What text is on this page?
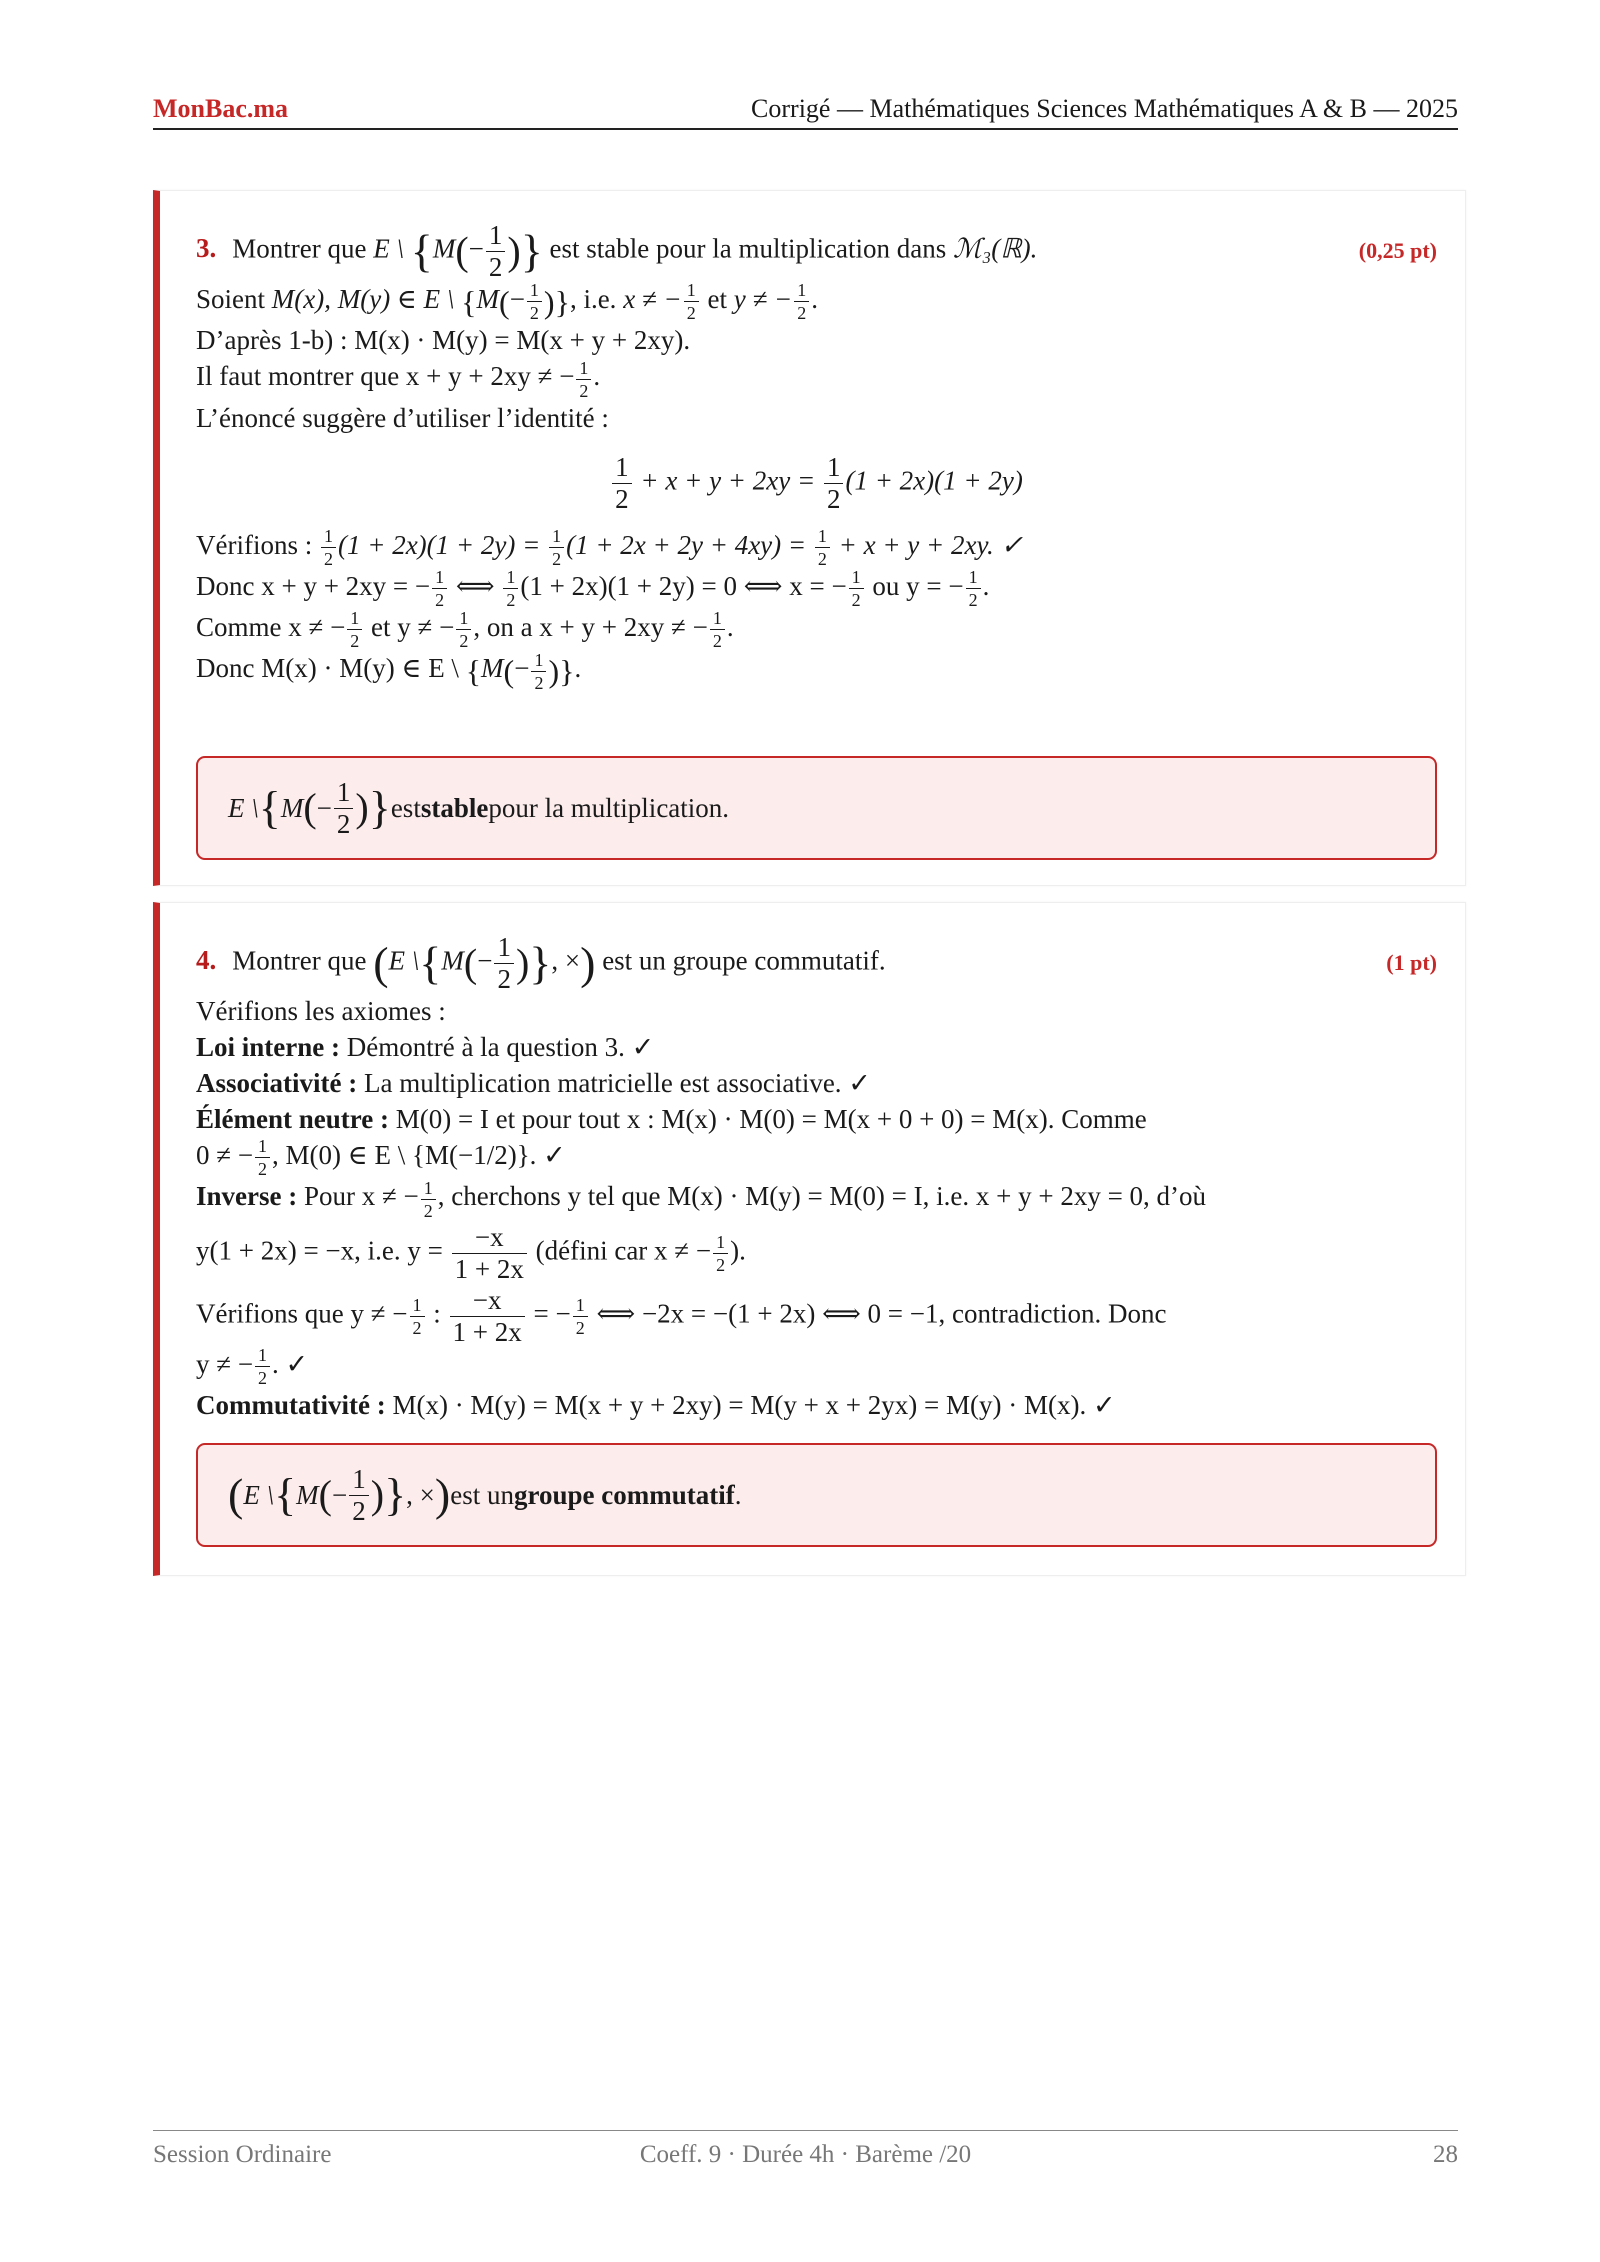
MonBac.ma	Corrigé — Mathématiques Sciences Mathématiques A & B — 2025
3. Montrer que E \ {$M(- \frac{1}{2}$ )} est stable pour la multiplication dans ℳ₃(ℝ).	(0,25 pt)
Soient M(x), M(y) ∈ E \ {$M(- \frac{1}{2}$ )}, i.e. x ≠ − $\frac{1}{2}$ et y ≠ − $\frac{1}{2}$ .
D’après 1-b) : M(x) · M(y) = M(x + y + 2xy).
Il faut montrer que x + y + 2xy ≠ − $\frac{1}{2}$ .
L’énoncé suggère d’utiliser l’identité :
$\frac{1}{2} + x + y + 2xy = \frac{1}{2} (1 + 2x)(1 + 2y)$
Vérifions : $\frac{1}{2} (1 + 2x)(1 + 2y) = \frac{1}{2} (1 + 2x + 2y + 4xy) = \frac{1}{2} + x + y + 2xy$. ✓
Donc x + y + 2xy = − $\frac{1}{2}$ ⟺ $\frac{1}{2} (1 + 2x)(1 + 2y) = 0$ ⟺ x = − $\frac{1}{2}$ ou y = − $\frac{1}{2}$ .
Comme x ≠ − $\frac{1}{2}$ et y ≠ − $\frac{1}{2}$ , on a x + y + 2xy ≠ − $\frac{1}{2}$ .
Donc M(x) · M(y) ∈ E \ {$M(- \frac{1}{2}$ )}.
E \ { M ( − $\frac{1}{2}$ ) } est stable pour la multiplication.
4. Montrer que (E \{M(− $\frac{1}{2}$ )}, ×) est un groupe commutatif.	(1 pt)
Vérifions les axiomes :
Loi interne : Démontré à la question 3. ✓
Associativité : La multiplication matricielle est associative. ✓
Élément neutre : M(0) = I et pour tout x : M(x) · M(0) = M(x + 0 + 0) = M(x). Comme
0 ≠ − $\frac{1}{2}$ , M(0) ∈ E \ {M(−1/2)}. ✓
Inverse : Pour x ≠ − $\frac{1}{2}$ , cherchons y tel que M(x) · M(y) = M(0) = I, i.e. x + y + 2xy = 0, d’où
y(1 + 2x) = −x, i.e. $y = \frac{-x}{1 + 2x}$ (défini car x ≠ − $\frac{1}{2}$ ).
Vérifions que y ≠ − $\frac{1}{2}$ : $\frac{-x}{1 + 2x}$ = − $\frac{1}{2}$ ⟺ −2x = −(1 + 2x) ⟺ 0 = −1, contradiction. Donc
y ≠ − $\frac{1}{2}$ . ✓
Commutativité : M(x) · M(y) = M(x + y + 2xy) = M(y + x + 2yx) = M(y) · M(x). ✓
( E \ { M ( − $\frac{1}{2}$ ) } , × ) est un groupe commutatif .
Session Ordinaire	Coeff. 9 · Durée 4h · Barème /20	28
